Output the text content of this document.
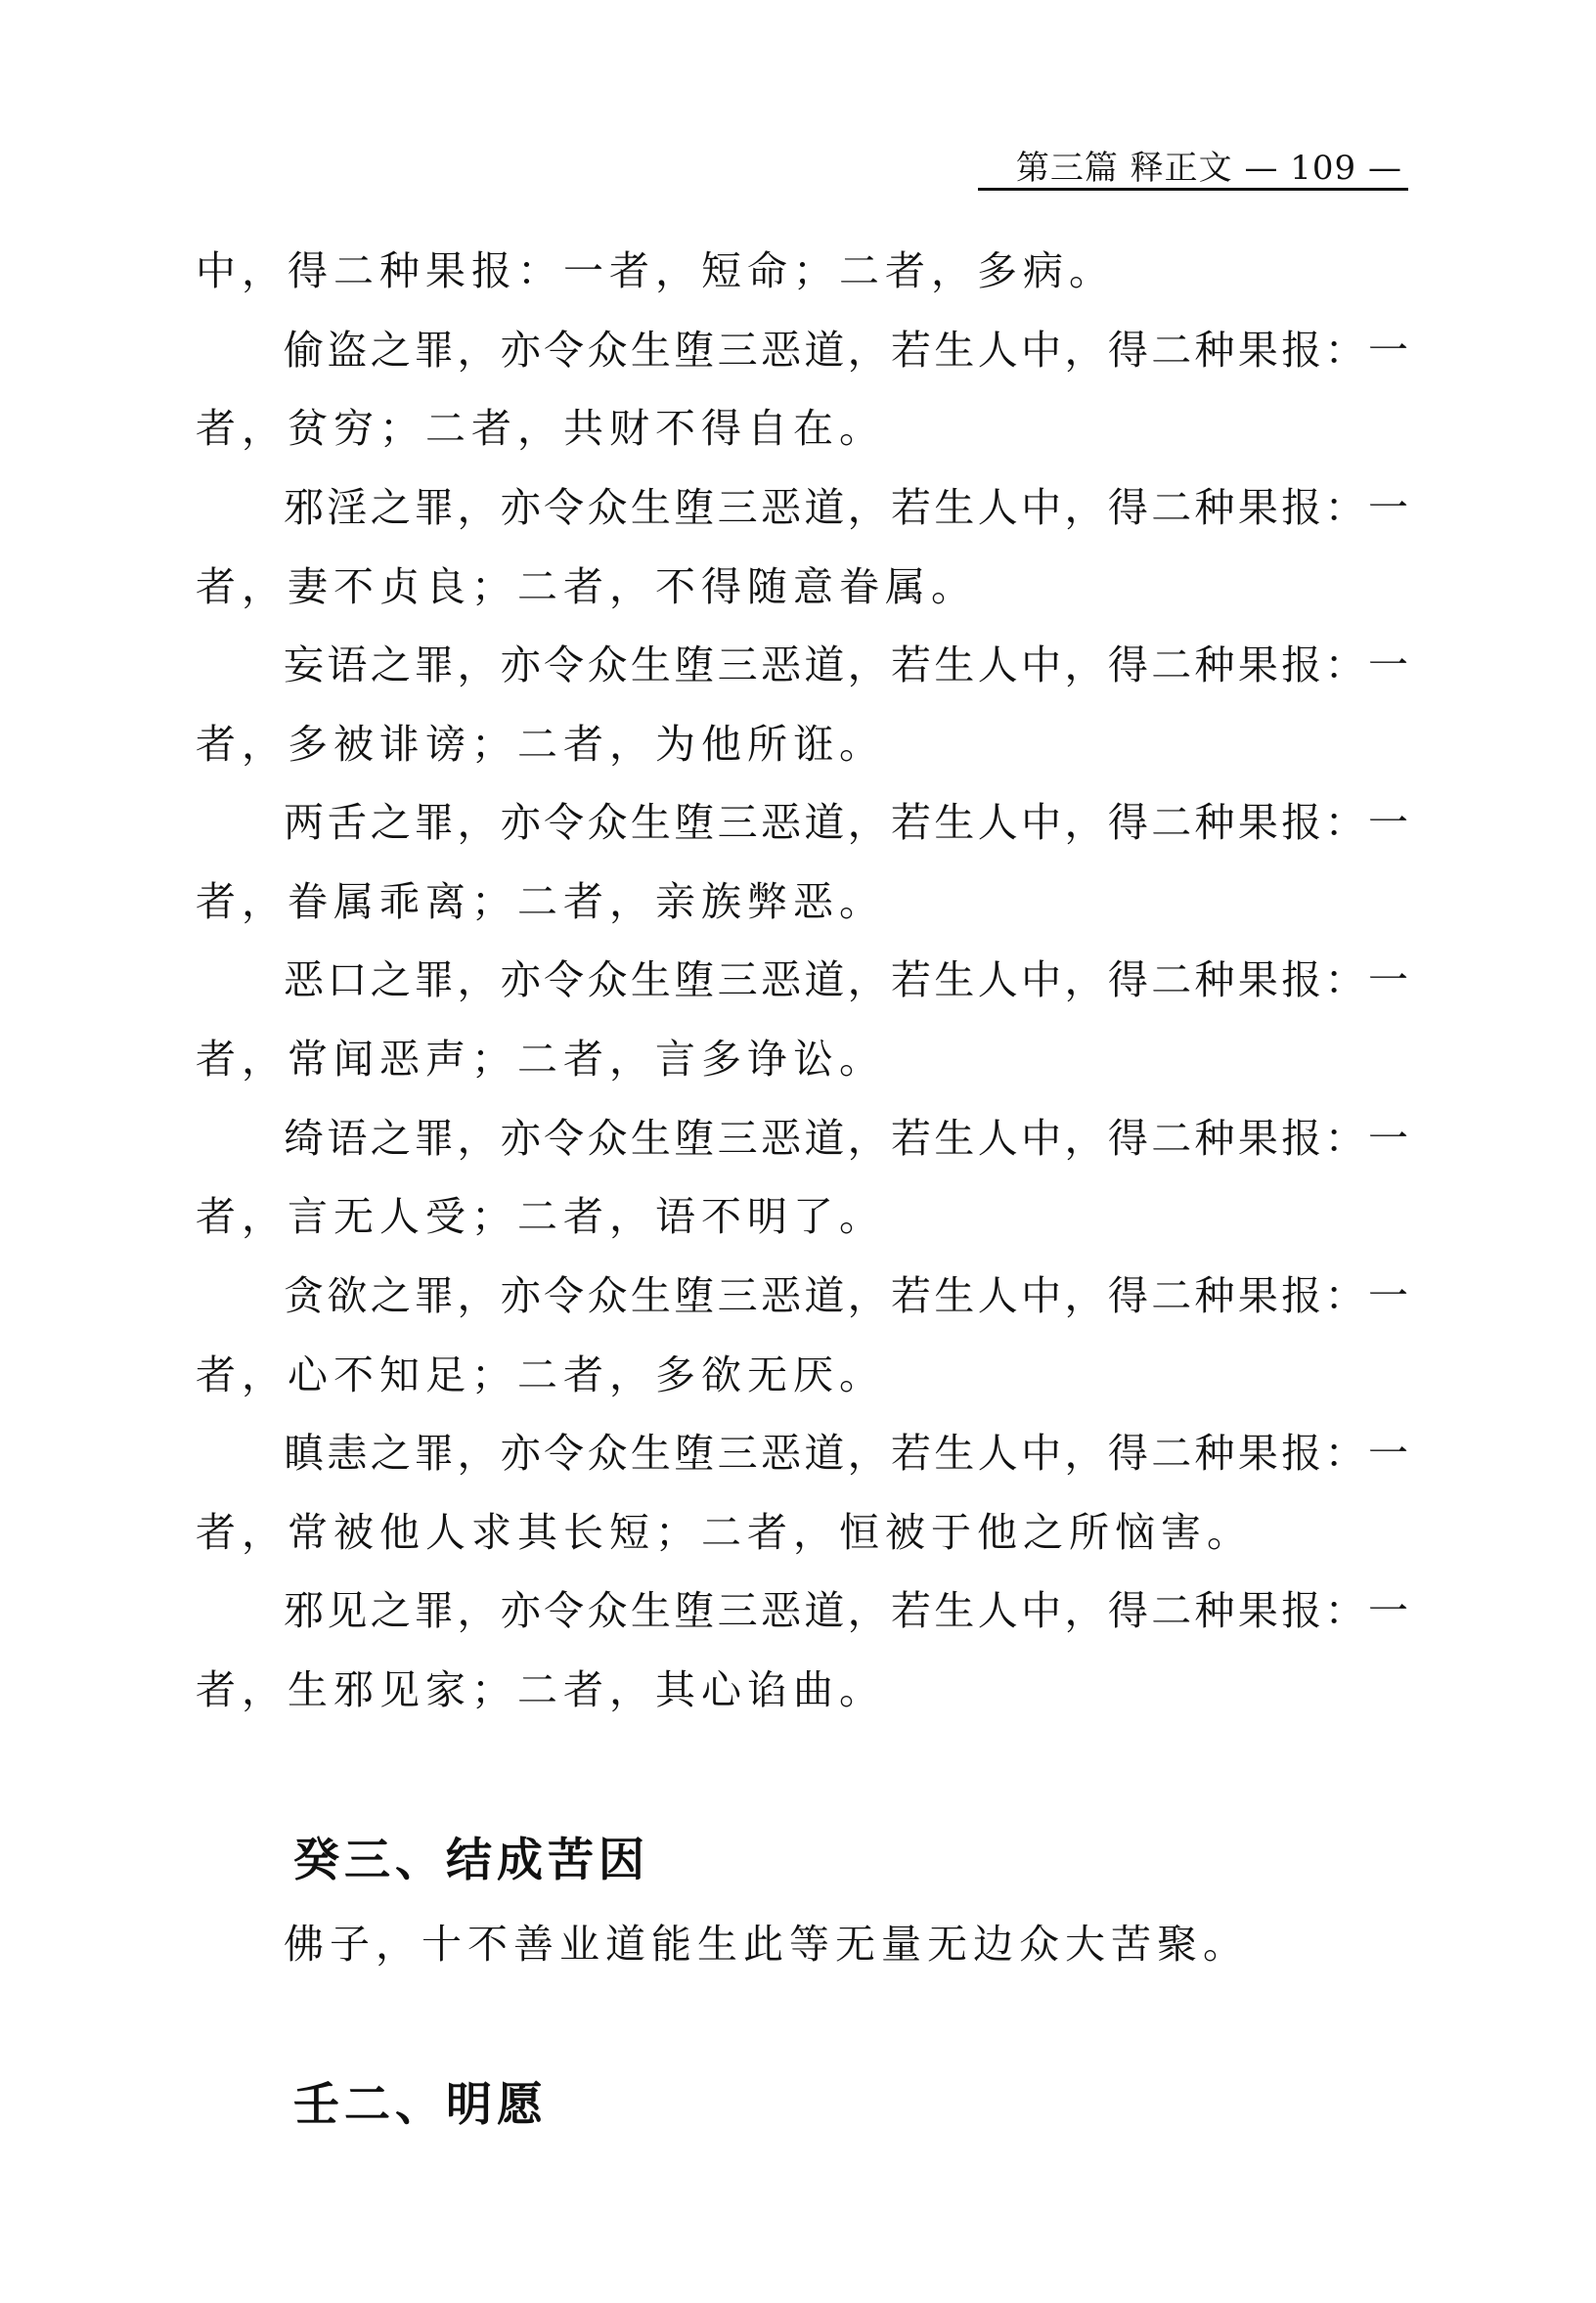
第三篇 释正文 — 109 —
中，得二种果报：一者，短命；二者，多病。
偷盗之罪，亦令众生堕三恶道，若生人中，得二种果报：一
者，贫穷；二者，共财不得自在。
邪淫之罪，亦令众生堕三恶道，若生人中，得二种果报：一
者，妻不贞良；二者，不得随意眷属。
妄语之罪，亦令众生堕三恶道，若生人中，得二种果报：一
者，多被诽谤；二者，为他所诳。
两舌之罪，亦令众生堕三恶道，若生人中，得二种果报：一
者，眷属乖离；二者，亲族弊恶。
恶口之罪，亦令众生堕三恶道，若生人中，得二种果报：一
者，常闻恶声；二者，言多诤讼。
绮语之罪，亦令众生堕三恶道，若生人中，得二种果报：一
者，言无人受；二者，语不明了。
贪欲之罪，亦令众生堕三恶道，若生人中，得二种果报：一
者，心不知足；二者，多欲无厌。
瞋恚之罪，亦令众生堕三恶道，若生人中，得二种果报：一
者，常被他人求其长短；二者，恒被于他之所恼害。
邪见之罪，亦令众生堕三恶道，若生人中，得二种果报：一
者，生邪见家；二者，其心谄曲。
癸三、结成苦因
佛子，十不善业道能生此等无量无边众大苦聚。
壬二、明愿
